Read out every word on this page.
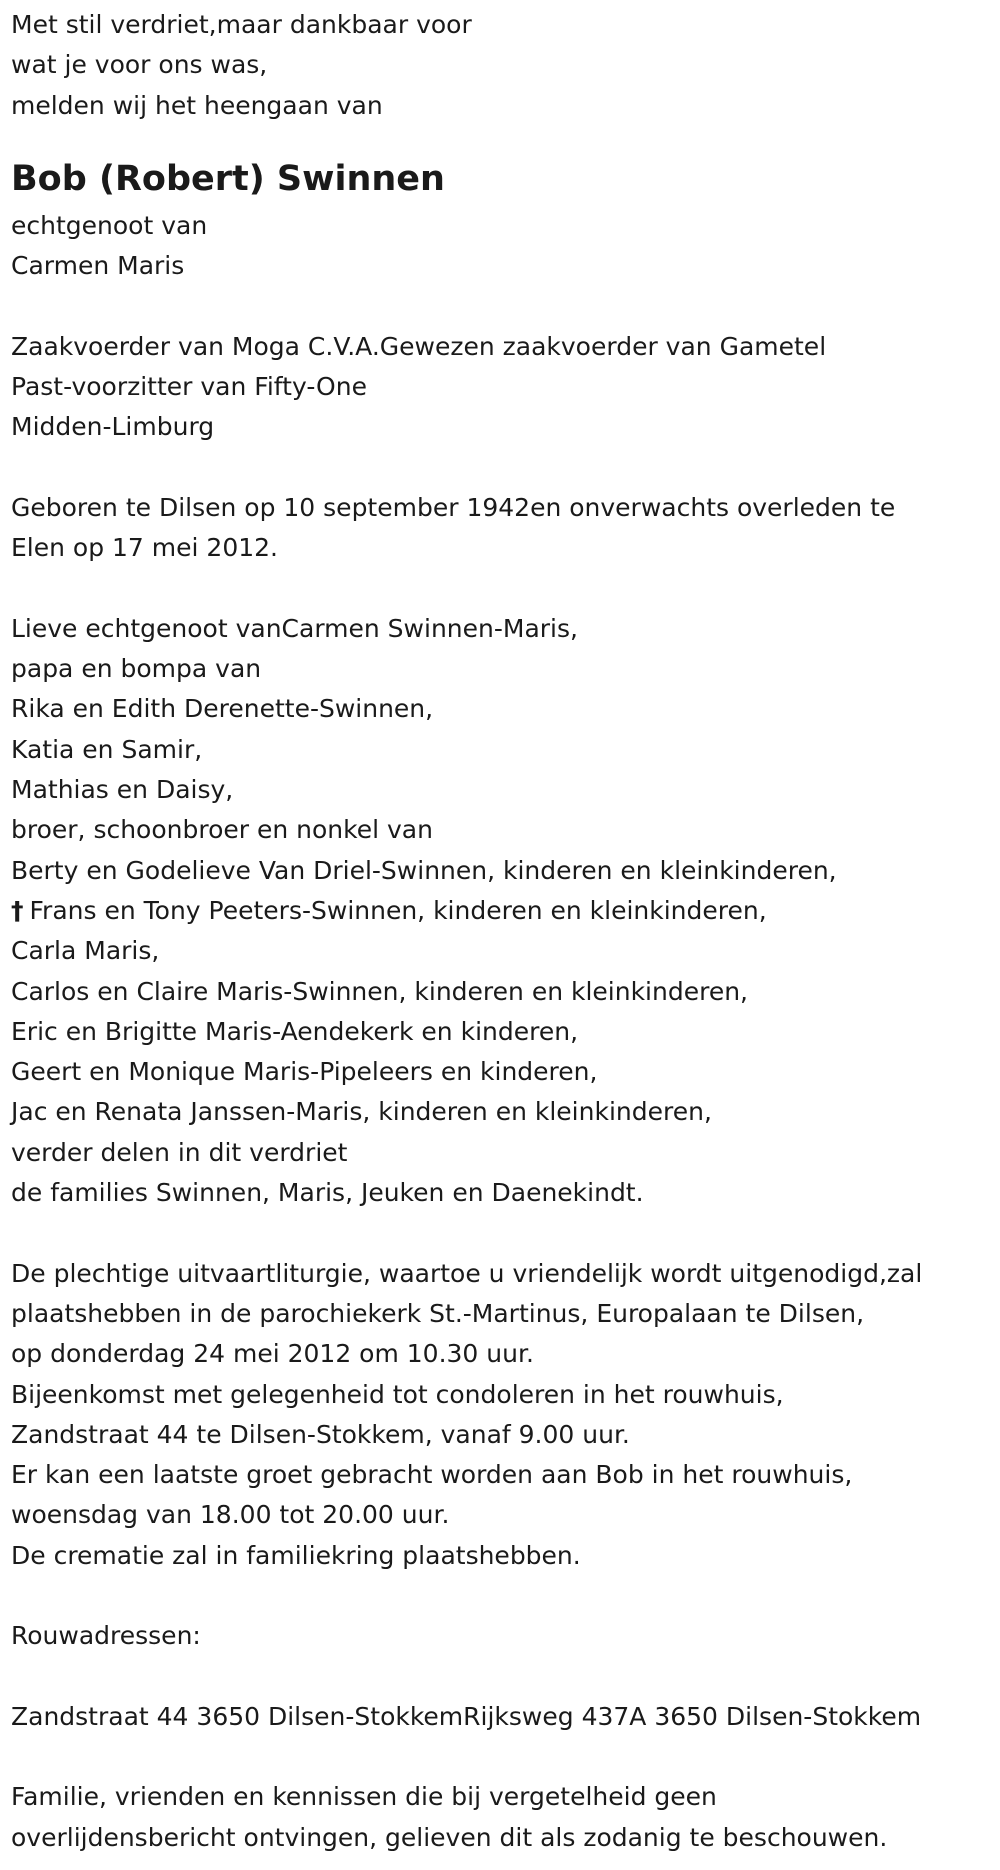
Met stil verdriet,maar dankbaar voor
wat je voor ons was,
melden wij het heengaan van
Bob (Robert) Swinnen
echtgenoot van
Carmen Maris
Zaakvoerder van Moga C.V.A.Gewezen zaakvoerder van Gametel
Past-voorzitter van Fifty-One
Midden-Limburg
Geboren te Dilsen op 10 september 1942en onverwachts overleden te
Elen op 17 mei 2012.
Lieve echtgenoot vanCarmen Swinnen-Maris,
papa en bompa van
Rika en Edith Derenette-Swinnen,
Katia en Samir,
Mathias en Daisy,
broer, schoonbroer en nonkel van
Berty en Godelieve Van Driel-Swinnen, kinderen en kleinkinderen,
† Frans en Tony Peeters-Swinnen, kinderen en kleinkinderen,
Carla Maris,
Carlos en Claire Maris-Swinnen, kinderen en kleinkinderen,
Eric en Brigitte Maris-Aendekerk en kinderen,
Geert en Monique Maris-Pipeleers en kinderen,
Jac en Renata Janssen-Maris, kinderen en kleinkinderen,
verder delen in dit verdriet
de families Swinnen, Maris, Jeuken en Daenekindt.
De plechtige uitvaartliturgie, waartoe u vriendelijk wordt uitgenodigd,zal
plaatshebben in de parochiekerk St.-Martinus, Europalaan te Dilsen,
op donderdag 24 mei 2012 om 10.30 uur.
Bijeenkomst met gelegenheid tot condoleren in het rouwhuis,
Zandstraat 44 te Dilsen-Stokkem, vanaf 9.00 uur.
Er kan een laatste groet gebracht worden aan Bob in het rouwhuis,
woensdag van 18.00 tot 20.00 uur.
De crematie zal in familiekring plaatshebben.
Rouwadressen:
Zandstraat 44 3650 Dilsen-StokkemRijksweg 437A 3650 Dilsen-Stokkem
Familie, vrienden en kennissen die bij vergetelheid geen
overlijdensbericht ontvingen, gelieven dit als zodanig te beschouwen.
